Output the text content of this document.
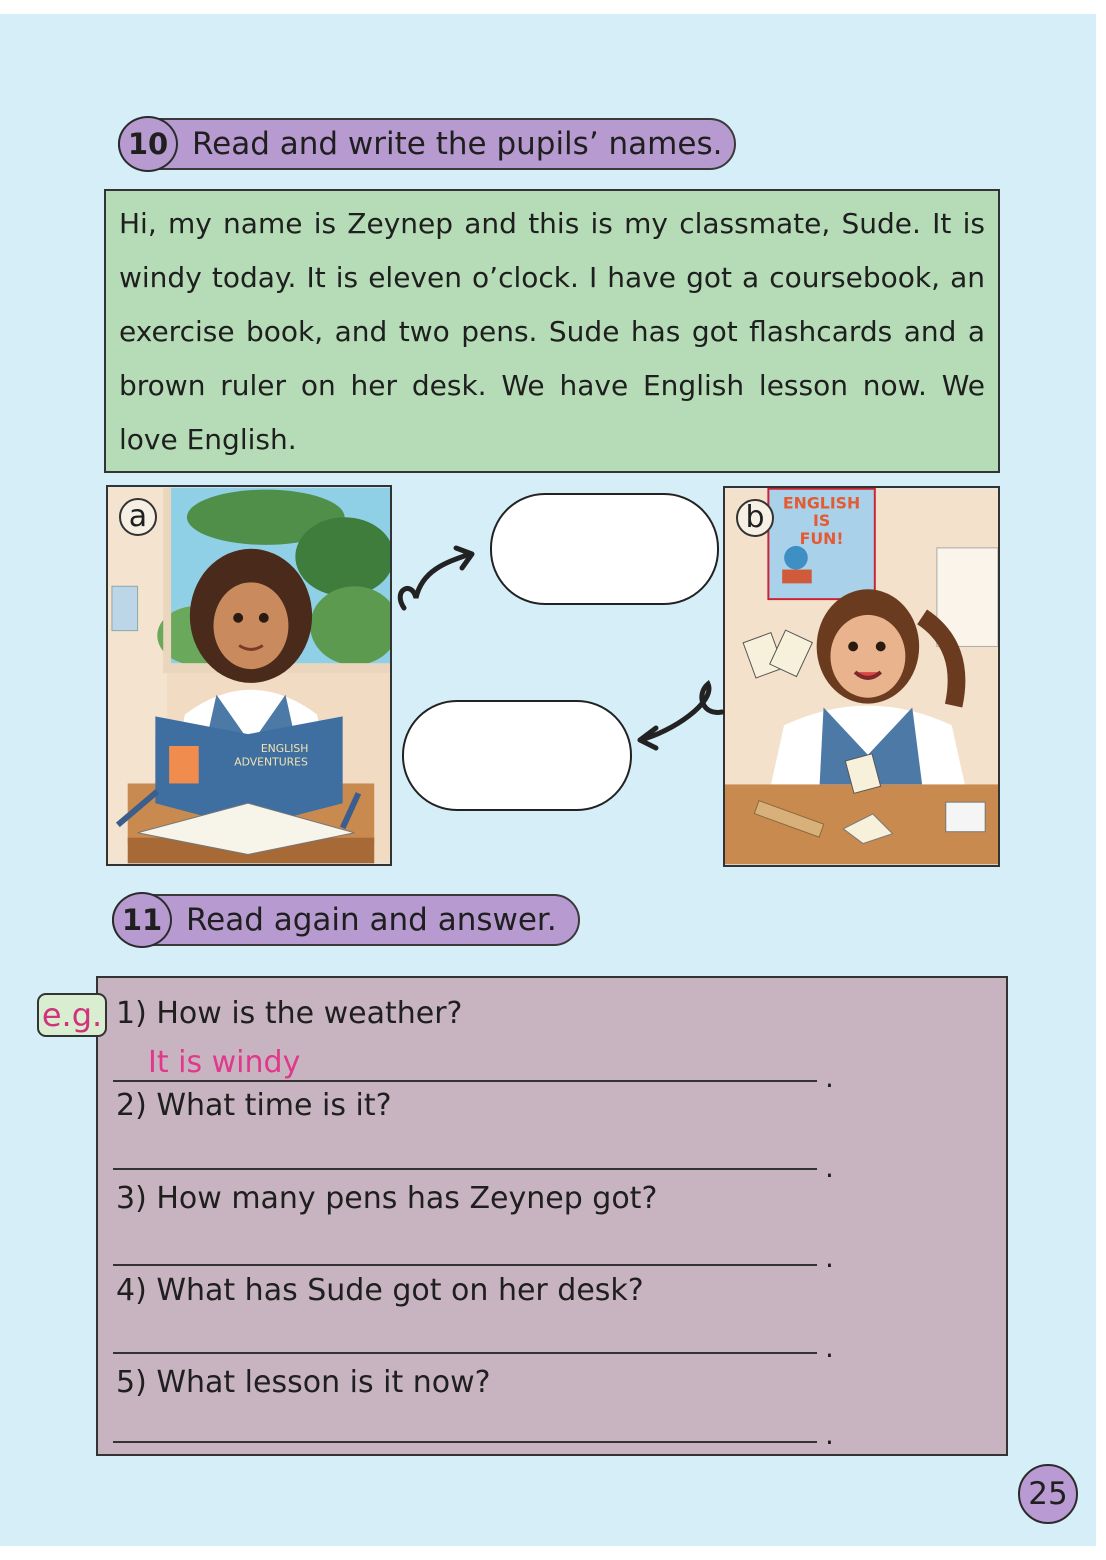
10 Read and write the pupils’ names.
Hi, my name is Zeynep and this is my classmate, Sude. It is windy today. It is eleven o’clock. I have got a coursebook, an exercise book, and two pens. Sude has got flashcards and a brown ruler on her desk. We have English lesson now. We love English.
ENGLISH
ADVENTURES
a	ENGLISH
IS
FUN!
b
11 Read again and answer.
e.g. 1) How is the weather?
It is windy	.
2) What time is it?
.
3) How many pens has Zeynep got?
.
4) What has Sude got on her desk?
.
5) What lesson is it now?
.
25
